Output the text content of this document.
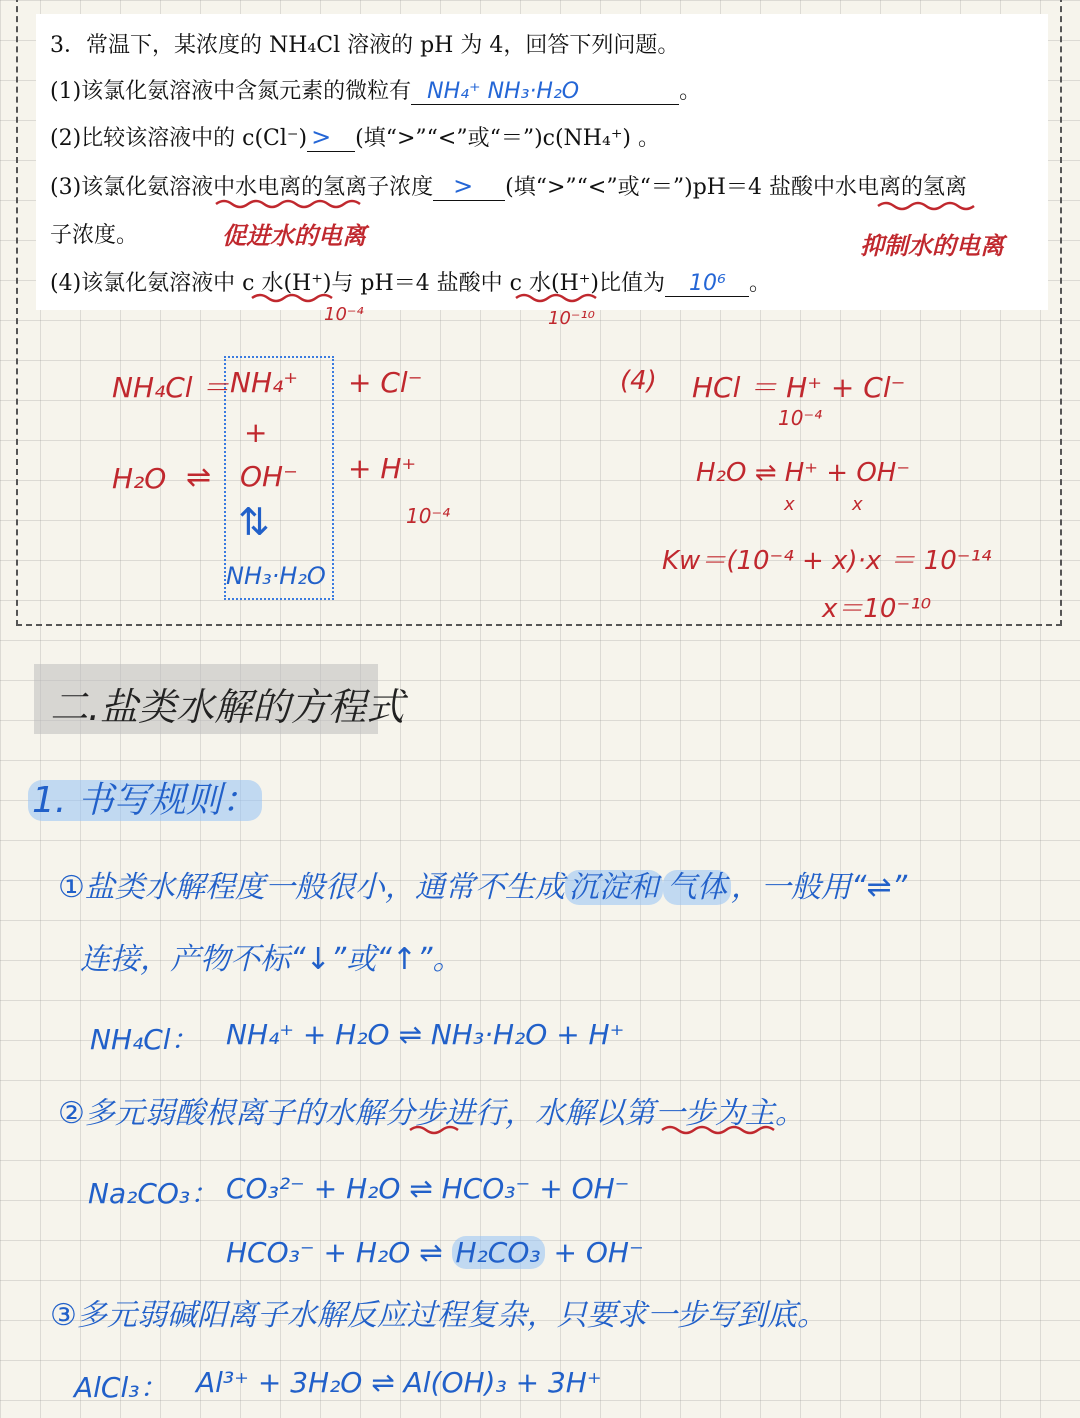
3．常温下，某浓度的 NH₄Cl 溶液的 pH 为 4，回答下列问题。
(1)该氯化氨溶液中含氮元素的微粒有 NH₄⁺ NH₃·H₂O	。
(2)比较该溶液中的 c(Cl⁻) > (填“>”“<”或“＝”)c(NH₄⁺) 。
(3)该氯化氨溶液中水电离的氢离子浓度 > (填“>”“<”或“＝”)pH＝4 盐酸中水电离的氢离
子浓度。
(4)该氯化氨溶液中 c 水(H⁺)与 pH＝4 盐酸中 c 水(H⁺)比值为 10⁶ 。
促进水的电离	抑制水的电离
10⁻⁴	10⁻¹⁰
NH₄Cl ＝ NH₄⁺ + Cl⁻
+
H₂O ⇌ OH⁻ + H⁺
10⁻⁴
⇅
NH₃·H₂O
(4) HCl ＝ H⁺ + Cl⁻
10⁻⁴
H₂O ⇌ H⁺ + OH⁻
x	x
Kw＝(10⁻⁴ + x)·x ＝ 10⁻¹⁴
x＝10⁻¹⁰
二.盐类水解的方程式
1. 书写规则：
①盐类水解程度一般很小，通常不生成 沉淀和 气体 ，一般用“⇌”
连接，产物不标“↓”或“↑”。
NH₄Cl： NH₄⁺ + H₂O ⇌ NH₃·H₂O + H⁺
②多元弱酸根离子的水解分步进行，水解以第一步为主。
Na₂CO₃： CO₃²⁻ + H₂O ⇌ HCO₃⁻ + OH⁻
HCO₃⁻ + H₂O ⇌ H₂CO₃ + OH⁻
③多元弱碱阳离子水解反应过程复杂，只要求一步写到底。
AlCl₃： Al³⁺ + 3H₂O ⇌ Al(OH)₃ + 3H⁺
